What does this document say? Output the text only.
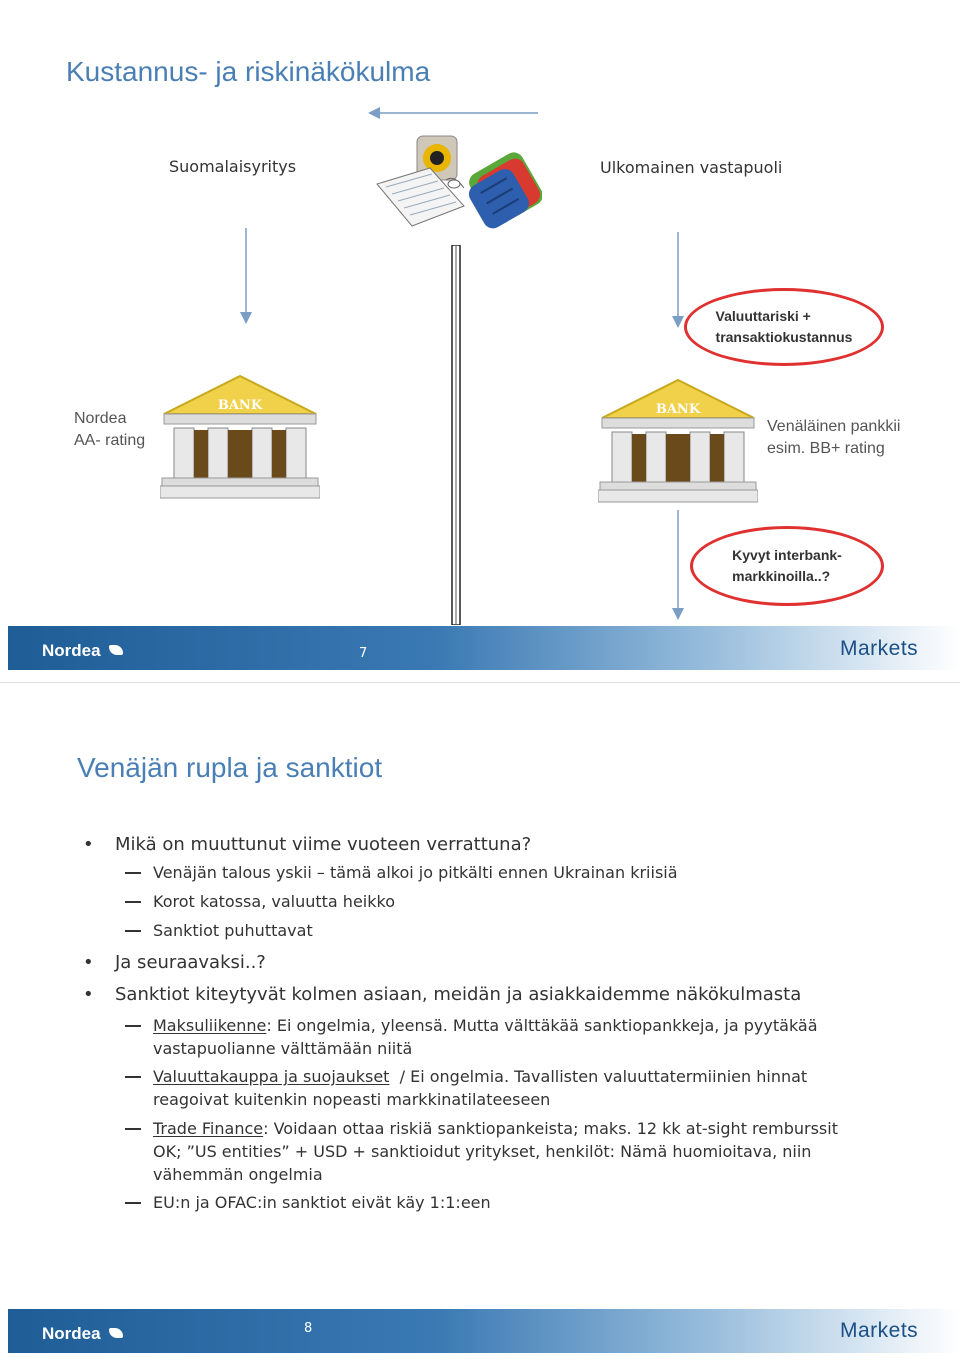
Kustannus- ja riskinäkökulma
Suomalaisyritys	Ulkomainen vastapuoli
Valuuttariski +
transaktiokustannus
Nordea
AA- rating
BANK	BANK
Venäläinen pankkii
esim. BB+ rating
Kyvyt interbank-
markkinoilla..?
Nordea	7	Markets
Venäjän rupla ja sanktiot
• Mikä on muuttunut viime vuoteen verrattuna?
Venäjän talous yskii – tämä alkoi jo pitkälti ennen Ukrainan kriisiä
Korot katossa, valuutta heikko
Sanktiot puhuttavat
• Ja seuraavaksi..?
• Sanktiot kiteytyvät kolmen asiaan, meidän ja asiakkaidemme näkökulmasta
Maksuliikenne: Ei ongelmia, yleensä. Mutta välttäkää sanktiopankkeja, ja pyytäkää vastapuolianne välttämään niitä
Valuuttakauppa ja suojaukset  / Ei ongelmia. Tavallisten valuuttatermiinien hinnat reagoivat kuitenkin nopeasti markkinatilateeseen
Trade Finance: Voidaan ottaa riskiä sanktiopankeista; maks. 12 kk at-sight remburssit OK; ”US entities” + USD + sanktioidut yritykset, henkilöt: Nämä huomioitava, niin vähemmän ongelmia
EU:n ja OFAC:in sanktiot eivät käy 1:1:een
Nordea	8	Markets
